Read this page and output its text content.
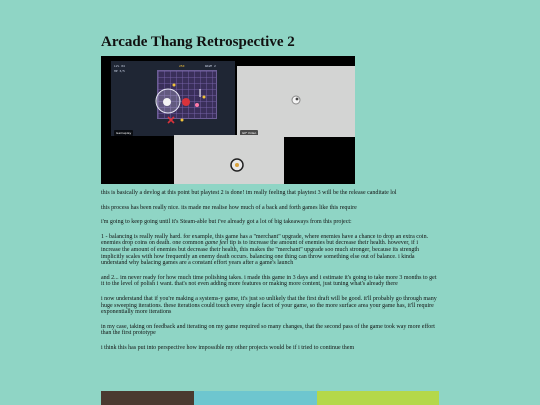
Arcade Thang Retrospective 2
LVL 04
HP 3/5
250	WAVE 2
Gameplay	GIF Video

this is basically a devlog at this point but playtest 2 is done! im really feeling that playtest 3 will be the release canditate lol

this process has been really nice. its made me realise how much of a back and forth games like this require

i'm going to keep going until it's Steam-able but i've already got a lot of big takeaways from this project:

1 - balancing is really really hard. for example, this game has a "merchant" upgrade, where enemies have a chance to drop an extra coin. enemies drop coins on death. one common game feel tip is to increase the amount of enemies but decrease their health. however, if i increase the amount of enemies but decrease their health, this makes the "merchant" upgrade soo much stronger, because its strength implicitly scales with how frequently an enemy death occurs. balancing one thing can throw something else out of balance. i kinda understand why balacing games are a constant effort years after a game's launch

and 2... im never ready for how much time polishing takes. i made this game in 3 days and i estimate it's going to take more 3 months to get it to the level of polish i want. that's not even adding more features or making more content, just tuning what's already there

i now understand that if you're making a systems-y game, it's just so unlikely that the first draft will be good. it'll probably go through many huge sweeping iterations. these iterations could touch every single facet of your game, so the more surface area your game has, it'll require exponentially more iterations

in my case, taking on feedback and iterating on my game required so many changes, that the second pass of the game took way more effort than the first prototype

i think this has put into perspective how impossible my other projects would be if i tried to continue them
